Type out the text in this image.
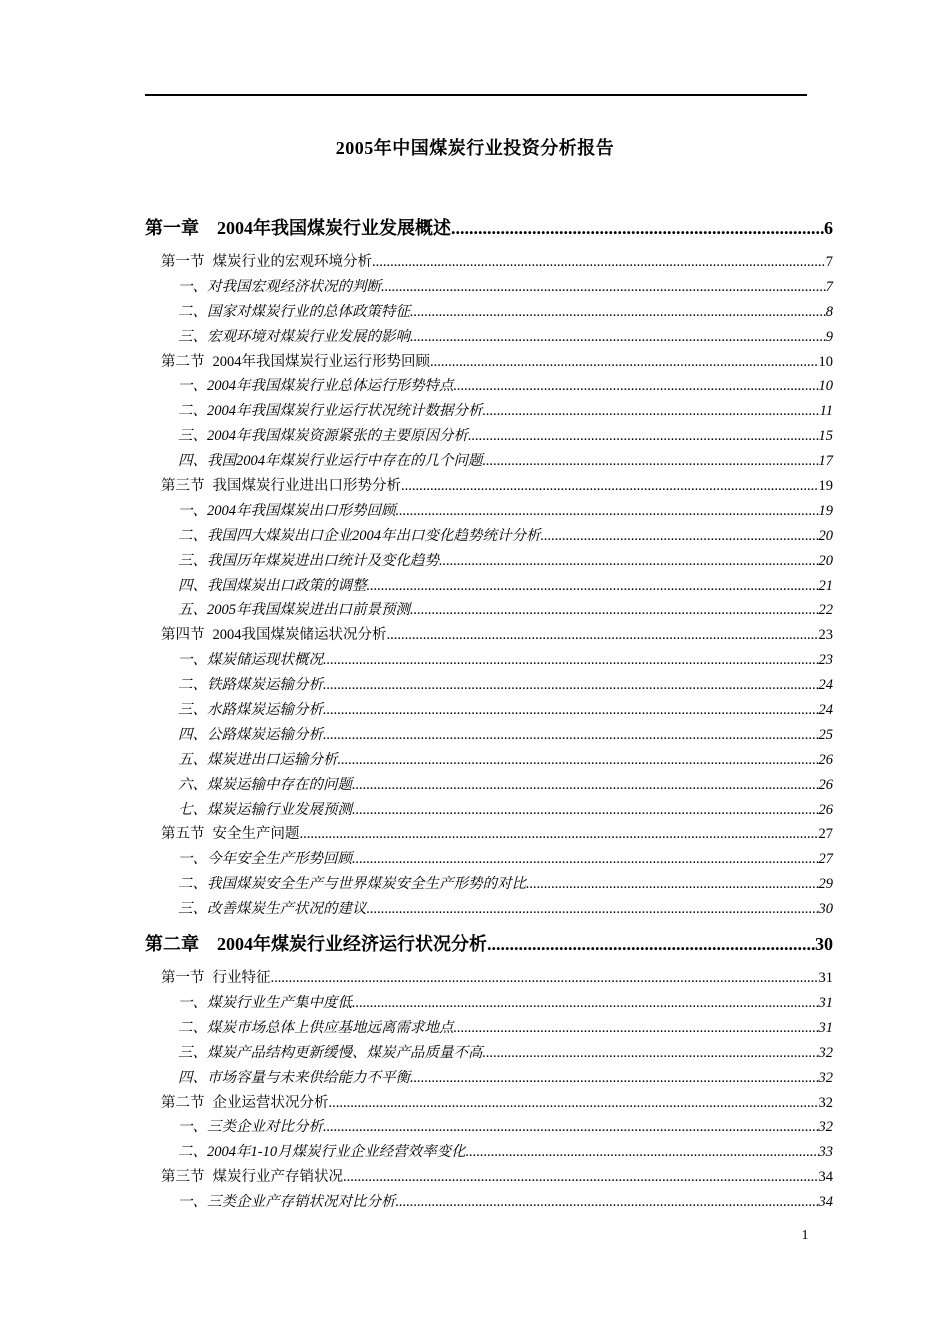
2005年中国煤炭行业投资分析报告
第一章 2004年我国煤炭行业发展概述 .....	6
第一节 煤炭行业的宏观环境分析 .....	7
一、对我国宏观经济状况的判断 .....	7
二、国家对煤炭行业的总体政策特征 .....	8
三、宏观环境对煤炭行业发展的影响 .....	9
第二节 2004年我国煤炭行业运行形势回顾 .....	10
一、2004年我国煤炭行业总体运行形势特点 .....	10
二、2004年我国煤炭行业运行状况统计数据分析 .....	11
三、2004年我国煤炭资源紧张的主要原因分析 .....	15
四、我国2004年煤炭行业运行中存在的几个问题 .....	17
第三节 我国煤炭行业进出口形势分析 .....	19
一、2004年我国煤炭出口形势回顾 .....	19
二、我国四大煤炭出口企业2004年出口变化趋势统计分析 .....	20
三、我国历年煤炭进出口统计及变化趋势 .....	20
四、我国煤炭出口政策的调整 .....	21
五、2005年我国煤炭进出口前景预测 .....	22
第四节 2004我国煤炭储运状况分析 .....	23
一、煤炭储运现状概况 .....	23
二、铁路煤炭运输分析 .....	24
三、水路煤炭运输分析 .....	24
四、公路煤炭运输分析 .....	25
五、煤炭进出口运输分析 .....	26
六、煤炭运输中存在的问题 .....	26
七、煤炭运输行业发展预测 .....	26
第五节 安全生产问题 .....	27
一、今年安全生产形势回顾 .....	27
二、我国煤炭安全生产与世界煤炭安全生产形势的对比 .....	29
三、改善煤炭生产状况的建议 .....	30
第二章 2004年煤炭行业经济运行状况分析 .....	30
第一节 行业特征 .....	31
一、煤炭行业生产集中度低 .....	31
二、煤炭市场总体上供应基地远离需求地点 .....	31
三、煤炭产品结构更新缓慢、煤炭产品质量不高 .....	32
四、市场容量与未来供给能力不平衡 .....	32
第二节 企业运营状况分析 .....	32
一、三类企业对比分析 .....	32
二、2004年1-10月煤炭行业企业经营效率变化 .....	33
第三节 煤炭行业产存销状况 .....	34
一、三类企业产存销状况对比分析 .....	34
1
